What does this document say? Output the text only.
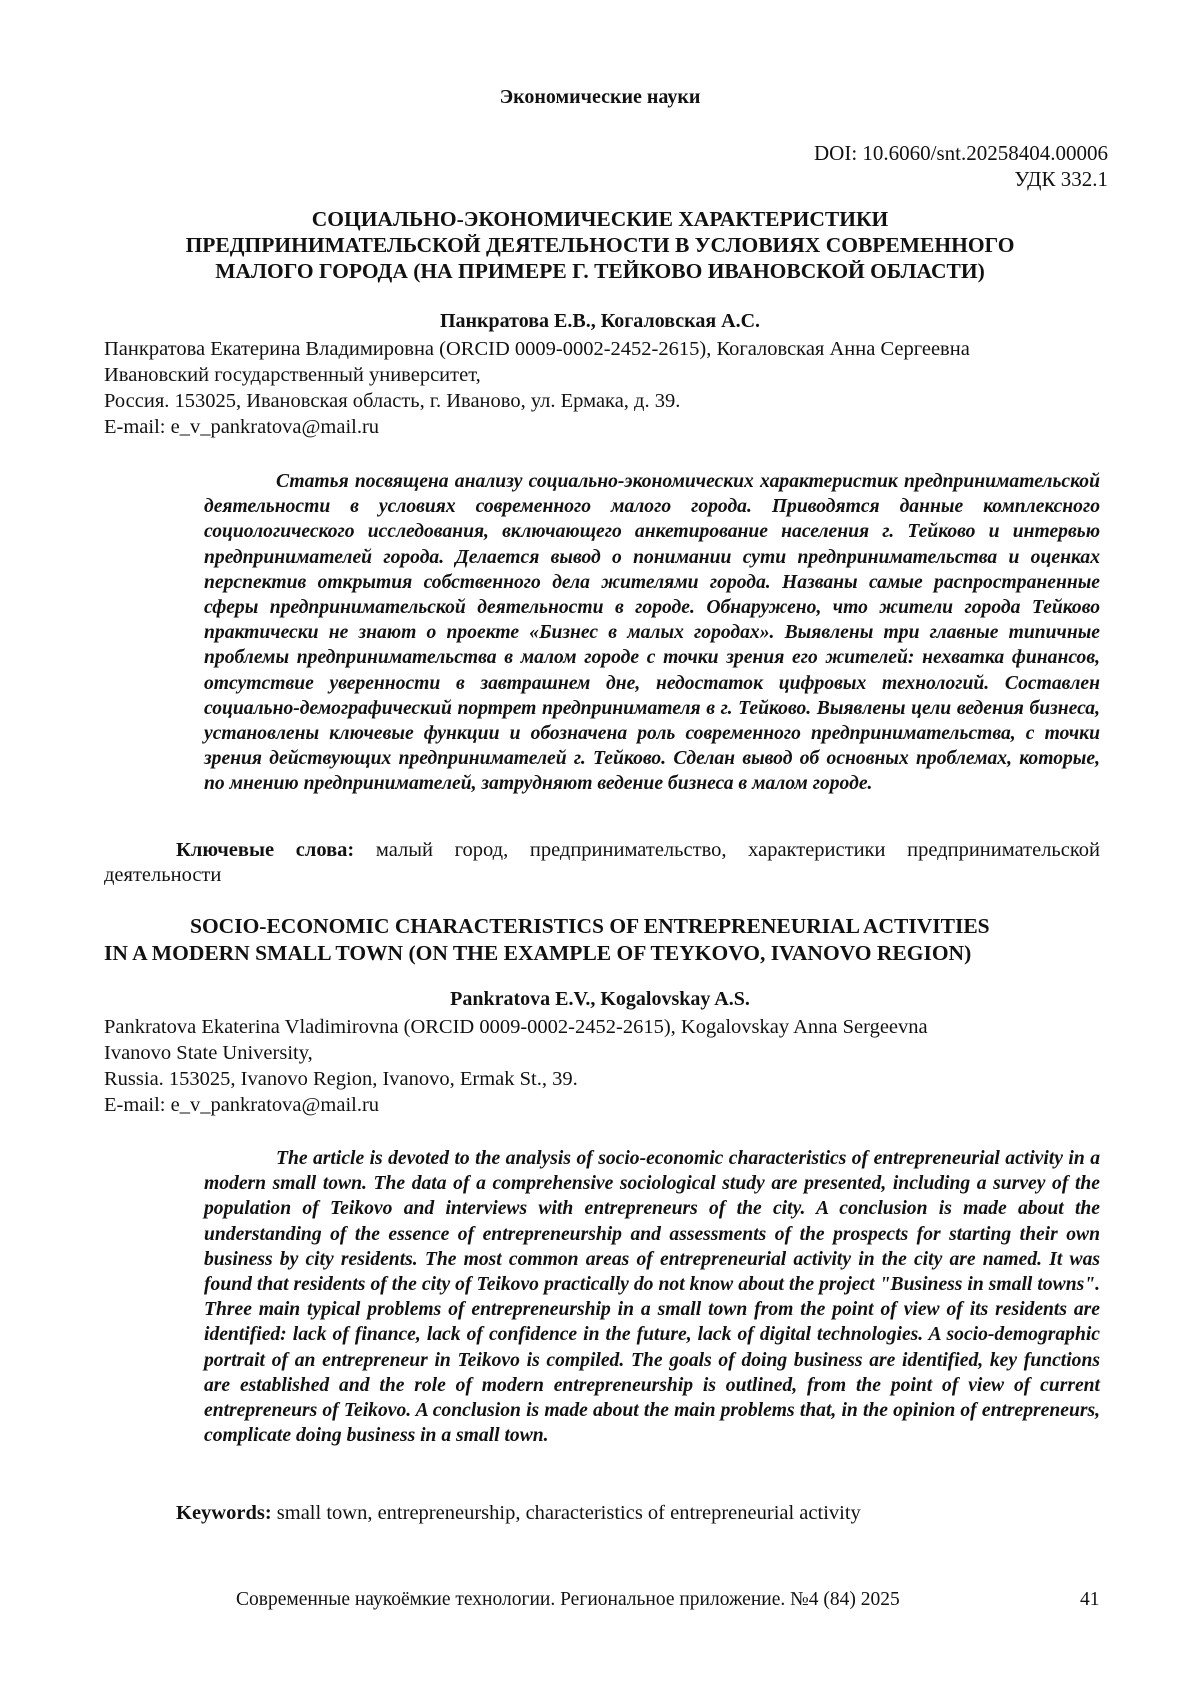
Экономические науки
DOI: 10.6060/snt.20258404.00006
УДК 332.1
СОЦИАЛЬНО-ЭКОНОМИЧЕСКИЕ ХАРАКТЕРИСТИКИ
ПРЕДПРИНИМАТЕЛЬСКОЙ ДЕЯТЕЛЬНОСТИ В УСЛОВИЯХ СОВРЕМЕННОГО
МАЛОГО ГОРОДА (НА ПРИМЕРЕ Г. ТЕЙКОВО ИВАНОВСКОЙ ОБЛАСТИ)
Панкратова Е.В., Когаловская А.С.
Панкратова Екатерина Владимировна (ORCID 0009-0002-2452-2615), Когаловская Анна Сергеевна
Ивановский государственный университет,
Россия. 153025, Ивановская область, г. Иваново, ул. Ермака, д. 39.
E-mail: e_v_pankratova@mail.ru

Статья посвящена анализу социально-экономических характеристик предпринимательской деятельности в условиях современного малого города. Приводятся данные комплексного социологического исследования, включающего анкетирование населения г. Тейково и интервью предпринимателей города. Делается вывод о понимании сути предпринимательства и оценках перспектив открытия собственного дела жителями города. Названы самые распространенные сферы предпринимательской деятельности в городе. Обнаружено, что жители города Тейково практически не знают о проекте «Бизнес в малых городах». Выявлены три главные типичные проблемы предпринимательства в малом городе с точки зрения его жителей: нехватка финансов, отсутствие уверенности в завтрашнем дне, недостаток цифровых технологий. Составлен социально-демографический портрет предпринимателя в г. Тейково. Выявлены цели ведения бизнеса, установлены ключевые функции и обозначена роль современного предпринимательства, с точки зрения действующих предпринимателей г. Тейково. Сделан вывод об основных проблемах, которые, по мнению предпринимателей, затрудняют ведение бизнеса в малом городе.

Ключевые слова: малый город, предпринимательство, характеристики предпринимательской деятельности
SOCIO-ECONOMIC CHARACTERISTICS OF ENTREPRENEURIAL ACTIVITIES
IN A MODERN SMALL TOWN (ON THE EXAMPLE OF TEYKOVO, IVANOVO REGION)
Pankratova E.V., Kogalovskay A.S.
Pankratova Ekaterina Vladimirovna (ORCID 0009-0002-2452-2615), Kogalovskay Anna Sergeevna
Ivanovo State University,
Russia. 153025, Ivanovo Region, Ivanovo, Ermak St., 39.
E-mail: e_v_pankratova@mail.ru

The article is devoted to the analysis of socio-economic characteristics of entrepreneurial activity in a modern small town. The data of a comprehensive sociological study are presented, including a survey of the population of Teikovo and interviews with entrepreneurs of the city. A conclusion is made about the understanding of the essence of entrepreneurship and assessments of the prospects for starting their own business by city residents. The most common areas of entrepreneurial activity in the city are named. It was found that residents of the city of Teikovo practically do not know about the project "Business in small towns". Three main typical problems of entrepreneurship in a small town from the point of view of its residents are identified: lack of finance, lack of confidence in the future, lack of digital technologies. A socio-demographic portrait of an entrepreneur in Teikovo is compiled. The goals of doing business are identified, key functions are established and the role of modern entrepreneurship is outlined, from the point of view of current entrepreneurs of Teikovo. A conclusion is made about the main problems that, in the opinion of entrepreneurs, complicate doing business in a small town.

Keywords: small town, entrepreneurship, characteristics of entrepreneurial activity
Современные наукоёмкие технологии. Региональное приложение. №4 (84) 2025	41
